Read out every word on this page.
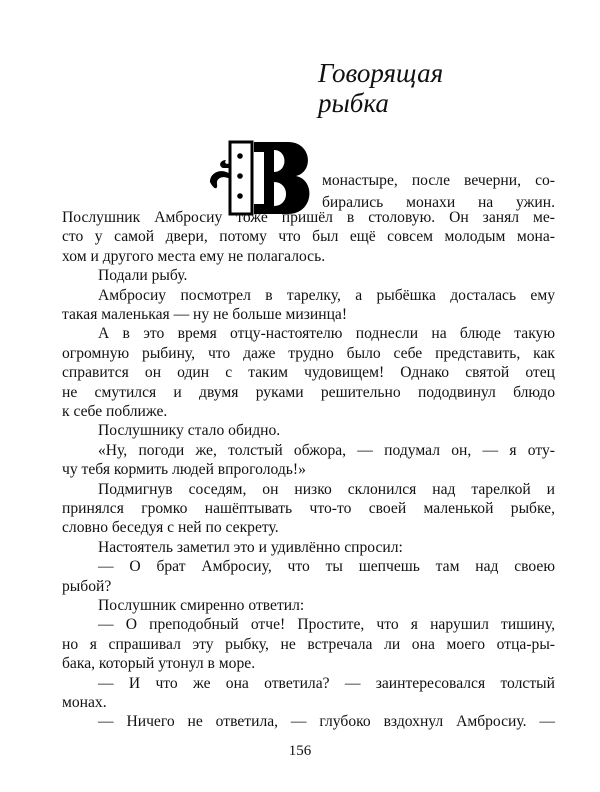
Говорящая
рыбка
монастыре, после вечерни, со-
бирались монахи на ужин.
Послушник Амбросиу тоже пришёл в столовую. Он занял ме-
сто у самой двери, потому что был ещё совсем молодым мона-
хом и другого места ему не полагалось.
Подали рыбу.
Амбросиу посмотрел в тарелку, а рыбёшка досталась ему
такая маленькая — ну не больше мизинца!
А в это время отцу-настоятелю поднесли на блюде такую
огромную рыбину, что даже трудно было себе представить, как
справится он один с таким чудовищем! Однако святой отец
не смутился и двумя руками решительно пододвинул блюдо
к себе поближе.
Послушнику стало обидно.
«Ну, погоди же, толстый обжора, — подумал он, — я оту-
чу тебя кормить людей впроголодь!»
Подмигнув соседям, он низко склонился над тарелкой и
принялся громко нашёптывать что-то своей маленькой рыбке,
словно беседуя с ней по секрету.
Настоятель заметил это и удивлённо спросил:
— О брат Амбросиу, что ты шепчешь там над своею
рыбой?
Послушник смиренно ответил:
— О преподобный отче! Простите, что я нарушил тишину,
но я спрашивал эту рыбку, не встречала ли она моего отца-ры-
бака, который утонул в море.
— И что же она ответила? — заинтересовался толстый
монах.
— Ничего не ответила, — глубоко вздохнул Амбросиу. —
156
